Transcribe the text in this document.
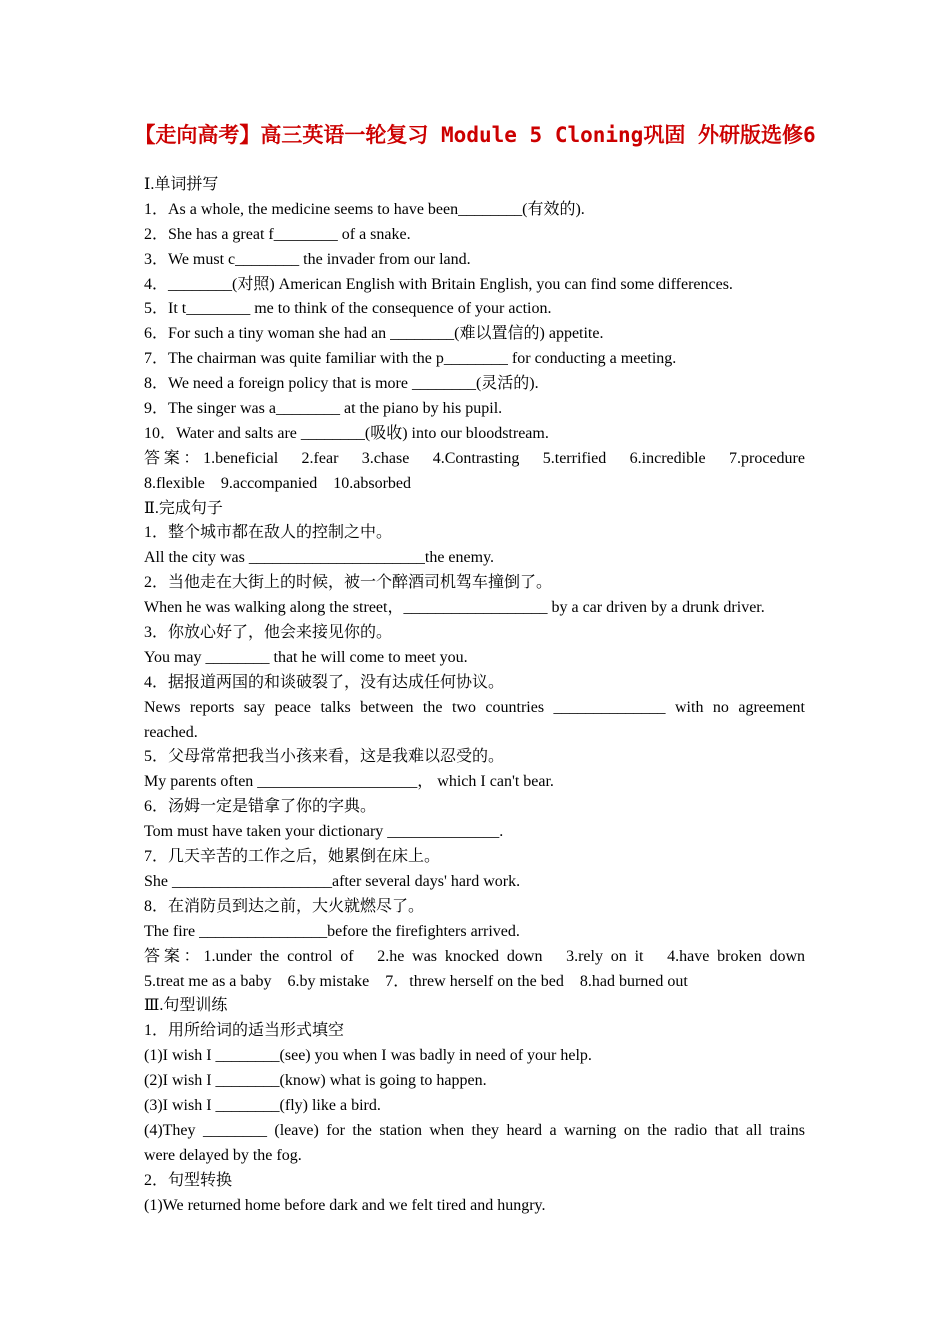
【走向高考】高三英语一轮复习 Module 5 Cloning巩固 外研版选修6
Ⅰ.单词拼写
1．As a whole, the medicine seems to have been________(有效的).
2．She has a great f________ of a snake.
3．We must c________ the invader from our land.
4．________(对照) American English with Britain English, you can find some differences.
5．It t________ me to think of the consequence of your action.
6．For such a tiny woman she had an ________(难以置信的) appetite.
7．The chairman was quite familiar with the p________ for conducting a meeting.
8．We need a foreign policy that is more ________(灵活的).
9．The singer was a________ at the piano by his pupil.
10．Water and salts are ________(吸收) into our bloodstream.
答案：1.beneficial　2.fear　3.chase　4.Contrasting　5.terrified　6.incredible　7.procedure
8.flexible　9.accompanied　10.absorbed
Ⅱ.完成句子
1．整个城市都在敌人的控制之中。
All the city was ______________________the enemy.
2．当他走在大街上的时候，被一个醉酒司机驾车撞倒了。
When he was walking along the street，__________________ by a car driven by a drunk driver.
3．你放心好了，他会来接见你的。
You may ________ that he will come to meet you.
4．据报道两国的和谈破裂了，没有达成任何协议。
News reports say peace talks between the two countries ______________ with no agreement
reached.
5．父母常常把我当小孩来看，这是我难以忍受的。
My parents often ____________________， which I can't bear.
6．汤姆一定是错拿了你的字典。
Tom must have taken your dictionary ______________.
7．几天辛苦的工作之后，她累倒在床上。
She ____________________after several days' hard work.
8．在消防员到达之前，大火就燃尽了。
The fire ________________before the firefighters arrived.
答案：1.under the control of　2.he was knocked down　3.rely on it　4.have broken down
5.treat me as a baby　6.by mistake　7．threw herself on the bed　8.had burned out
Ⅲ.句型训练
1．用所给词的适当形式填空
(1)I wish I ________(see) you when I was badly in need of your help.
(2)I wish I ________(know) what is going to happen.
(3)I wish I ________(fly) like a bird.
(4)They ________ (leave) for the station when they heard a warning on the radio that all trains
were delayed by the fog.
2．句型转换
(1)We returned home before dark and we felt tired and hungry.
